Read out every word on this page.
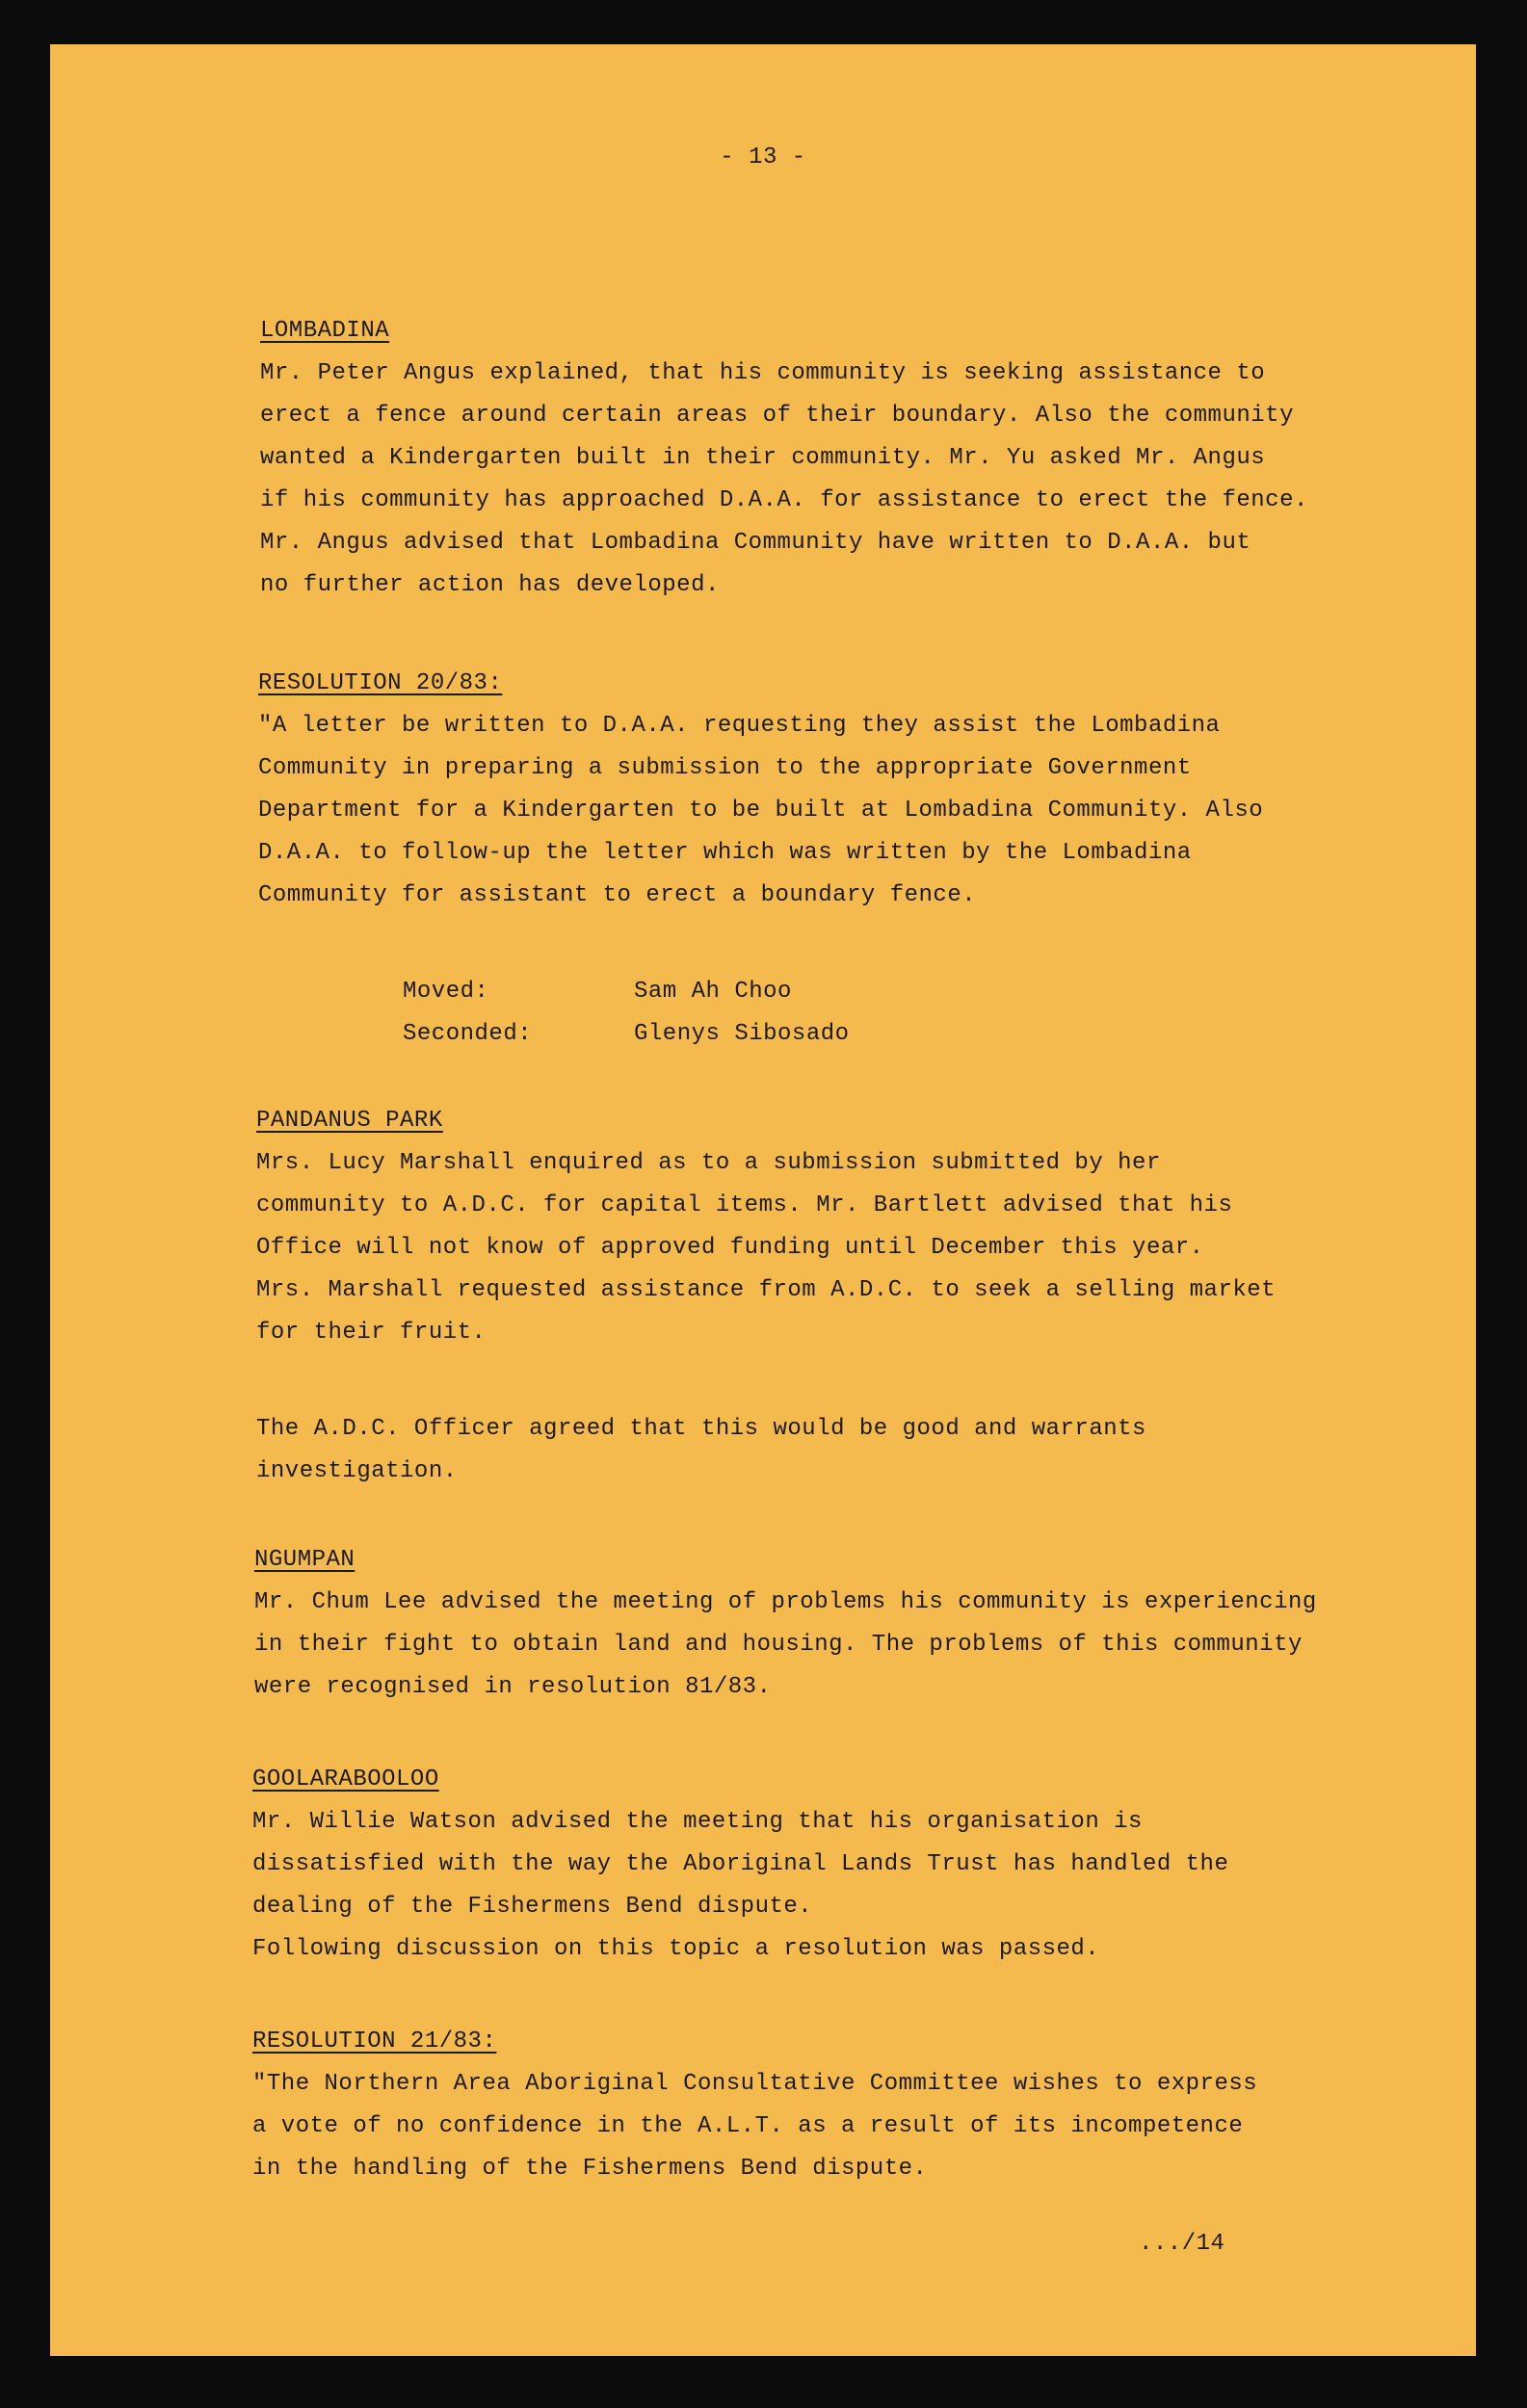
- 13 -
LOMBADINA
Mr. Peter Angus explained, that his community is seeking assistance to
erect a fence around certain areas of their boundary. Also the community
wanted a Kindergarten built in their community. Mr. Yu asked Mr. Angus
if his community has approached D.A.A. for assistance to erect the fence.
Mr. Angus advised that Lombadina Community have written to D.A.A. but
no further action has developed.
RESOLUTION 20/83:
"A letter be written to D.A.A. requesting they assist the Lombadina
Community in preparing a submission to the appropriate Government
Department for a Kindergarten to be built at Lombadina Community. Also
D.A.A. to follow-up the letter which was written by the Lombadina
Community for assistant to erect a boundary fence.
Moved:	Sam Ah Choo
Seconded:	Glenys Sibosado
PANDANUS PARK
Mrs. Lucy Marshall enquired as to a submission submitted by her
community to A.D.C. for capital items. Mr. Bartlett advised that his
Office will not know of approved funding until December this year.
Mrs. Marshall requested assistance from A.D.C. to seek a selling market
for their fruit.
The A.D.C. Officer agreed that this would be good and warrants
investigation.
NGUMPAN
Mr. Chum Lee advised the meeting of problems his community is experiencing
in their fight to obtain land and housing. The problems of this community
were recognised in resolution 81/83.
GOOLARABOOLOO
Mr. Willie Watson advised the meeting that his organisation is
dissatisfied with the way the Aboriginal Lands Trust has handled the
dealing of the Fishermens Bend dispute.
Following discussion on this topic a resolution was passed.
RESOLUTION 21/83:
"The Northern Area Aboriginal Consultative Committee wishes to express
a vote of no confidence in the A.L.T. as a result of its incompetence
in the handling of the Fishermens Bend dispute.
.../14
